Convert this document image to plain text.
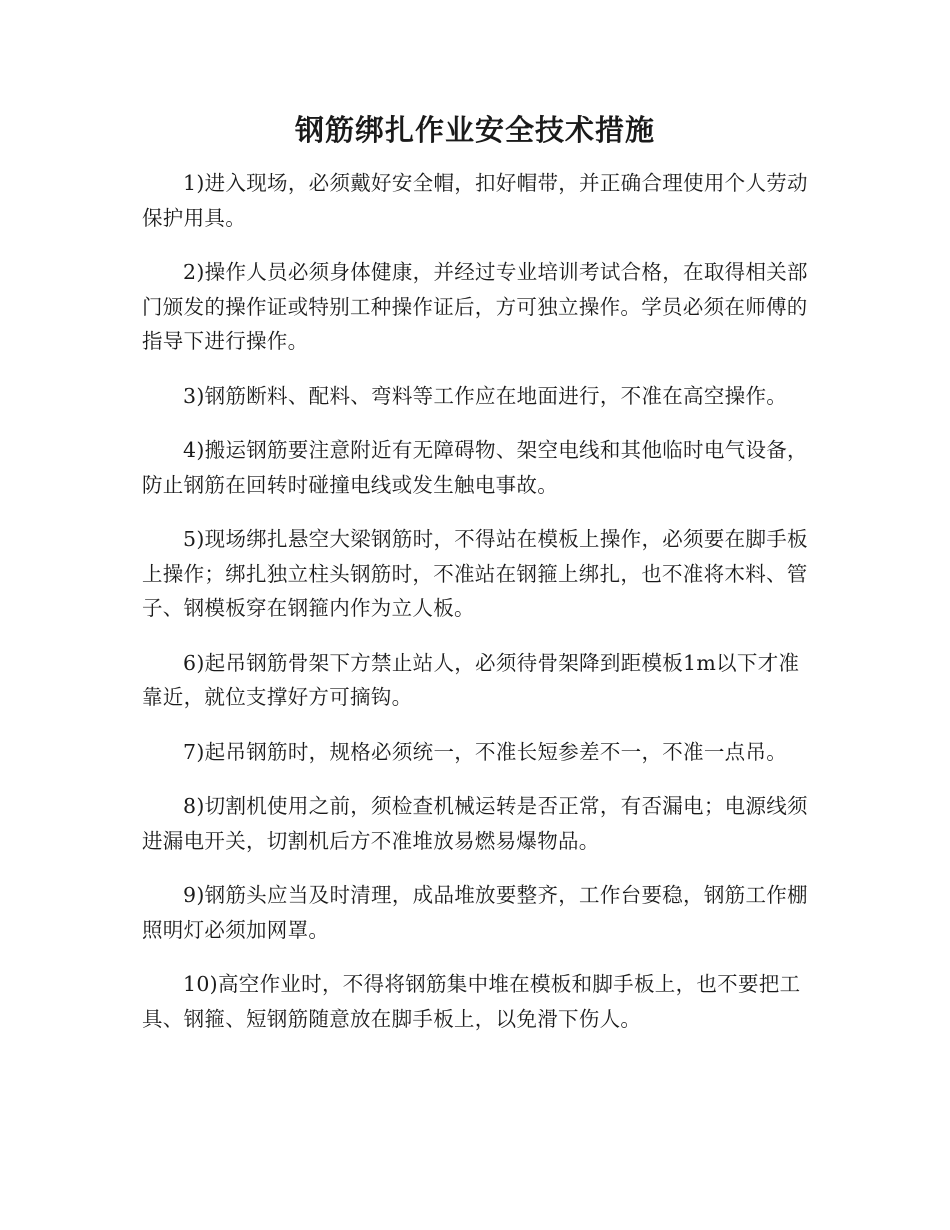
钢筋绑扎作业安全技术措施

1)进入现场，必须戴好安全帽，扣好帽带，并正确合理使用个人劳动保护用具。

2)操作人员必须身体健康，并经过专业培训考试合格，在取得相关部门颁发的操作证或特别工种操作证后，方可独立操作。学员必须在师傅的指导下进行操作。

3)钢筋断料、配料、弯料等工作应在地面进行，不准在高空操作。

4)搬运钢筋要注意附近有无障碍物、架空电线和其他临时电气设备，防止钢筋在回转时碰撞电线或发生触电事故。

5)现场绑扎悬空大梁钢筋时，不得站在模板上操作，必须要在脚手板上操作；绑扎独立柱头钢筋时，不准站在钢箍上绑扎，也不准将木料、管子、钢模板穿在钢箍内作为立人板。

6)起吊钢筋骨架下方禁止站人，必须待骨架降到距模板1m以下才准靠近，就位支撑好方可摘钩。

7)起吊钢筋时，规格必须统一，不准长短参差不一，不准一点吊。

8)切割机使用之前，须检查机械运转是否正常，有否漏电；电源线须进漏电开关，切割机后方不准堆放易燃易爆物品。

9)钢筋头应当及时清理，成品堆放要整齐，工作台要稳，钢筋工作棚照明灯必须加网罩。

10)高空作业时，不得将钢筋集中堆在模板和脚手板上，也不要把工具、钢箍、短钢筋随意放在脚手板上，以免滑下伤人。
